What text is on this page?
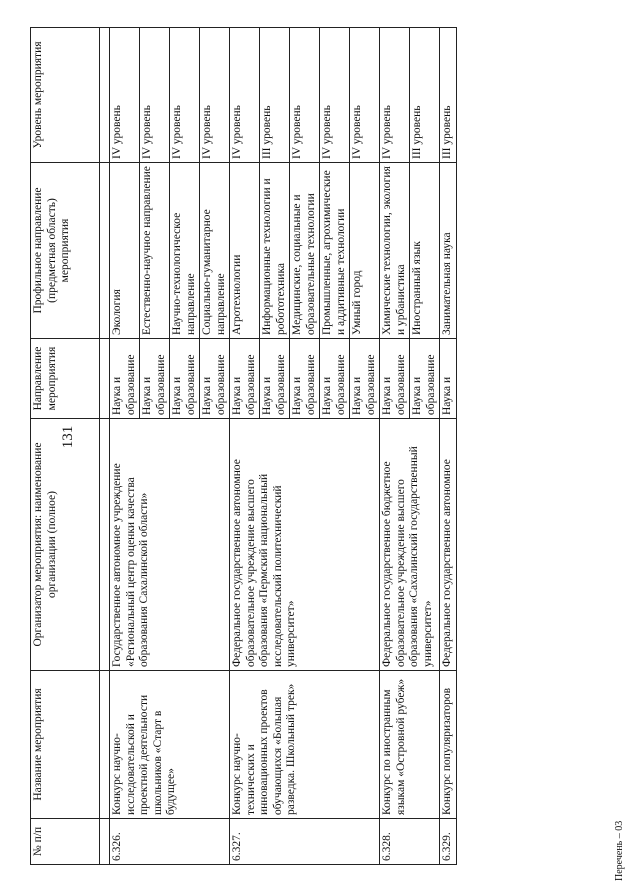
131
№ п/п	Название мероприятия	Организатор мероприятия: наименование организации (полное)	Направление мероприятия	Профильное направление (предметная область) мероприятия	Уровень мероприятия

6.326.	Конкурс научно-исследовательской и проектной деятельности школьников «Старт в будущее»	Государственное автономное учреждение «Региональный центр оценки качества образования Сахалинской области»	Наука и образование	Экология	IV уровень
			Наука и образование	Естественно-научное направление	IV уровень
			Наука и образование	Научно-технологическое направление	IV уровень
			Наука и образование	Социально-гуманитарное направление	IV уровень
6.327.	Конкурс научно-технических и инновационных проектов обучающихся «Большая разведка. Школьный трек»	Федеральное государственное автономное образовательное учреждение высшего образования «Пермский национальный исследовательский политехнический университет»	Наука и образование	Агротехнологии	IV уровень
			Наука и образование	Информационные технологии и робототехника	III уровень
			Наука и образование	Медицинские, социальные и образовательные технологии	IV уровень
			Наука и образование	Промышленные, агрохимические и аддитивные технологии	IV уровень
			Наука и образование	Умный город	IV уровень
6.328.	Конкурс по иностранным языкам «Островной рубеж»	Федеральное государственное бюджетное образовательное учреждение высшего образования «Сахалинский государственный университет»	Наука и образование	Химические технологии, экология и урбанистика	IV уровень
			Наука и образование	Иностранный язык	III уровень
6.329.	Конкурс популяризаторов	Федеральное государственное автономное	Наука и	Занимательная наука	III уровень
Перечень – 03
